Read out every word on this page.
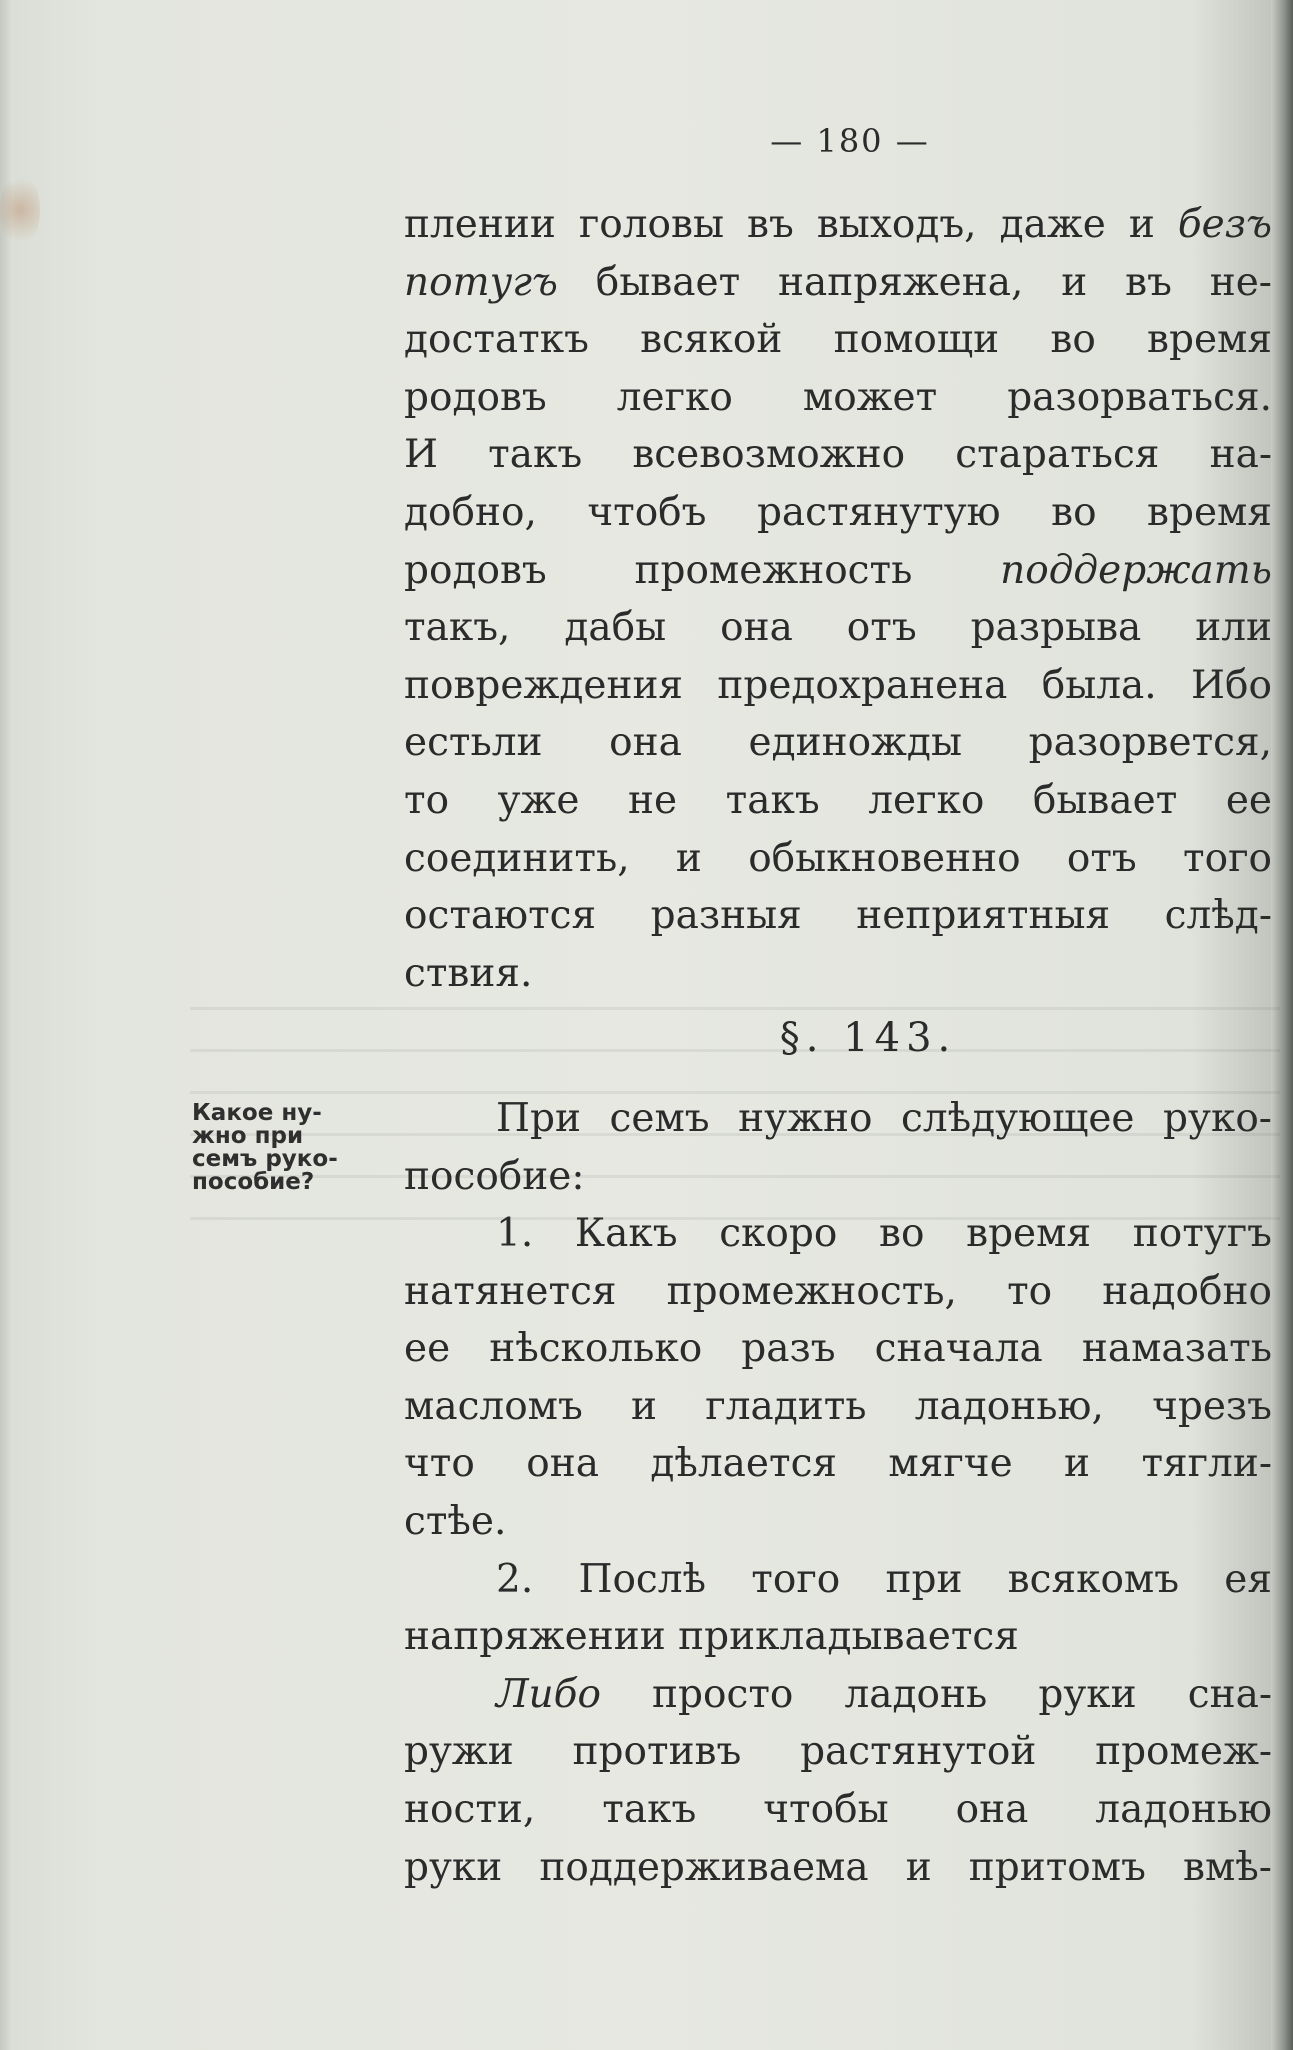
— 180 —
плении головы въ выходъ, даже и безъ
потугъ бывает напряжена, и въ не-
достаткъ всякой помощи во время
родовъ легко может разорваться.
И такъ всевозможно стараться на-
добно, чтобъ растянутую во время
родовъ промежность поддержать
такъ, дабы она отъ разрыва или
повреждения предохранена была. Ибо
естьли она единожды разорвется,
то уже не такъ легко бывает ее
соединить, и обыкновенно отъ того
остаются разныя неприятныя слѣд-
ствия.
§. 143.
При семъ нужно слѣдующее руко-
пособие:
1. Какъ скоро во время потугъ
натянется промежность, то надобно
ее нѣсколько разъ сначала намазать
масломъ и гладить ладонью, чрезъ
что она дѣлается мягче и тягли-
стѣе.
2. Послѣ того при всякомъ ея
напряжении прикладывается
Либо просто ладонь руки сна-
ружи противъ растянутой промеж-
ности, такъ чтобы она ладонью
руки поддерживаема и притомъ вмѣ-
Какое ну-
жно при
семъ руко-
пособие?
